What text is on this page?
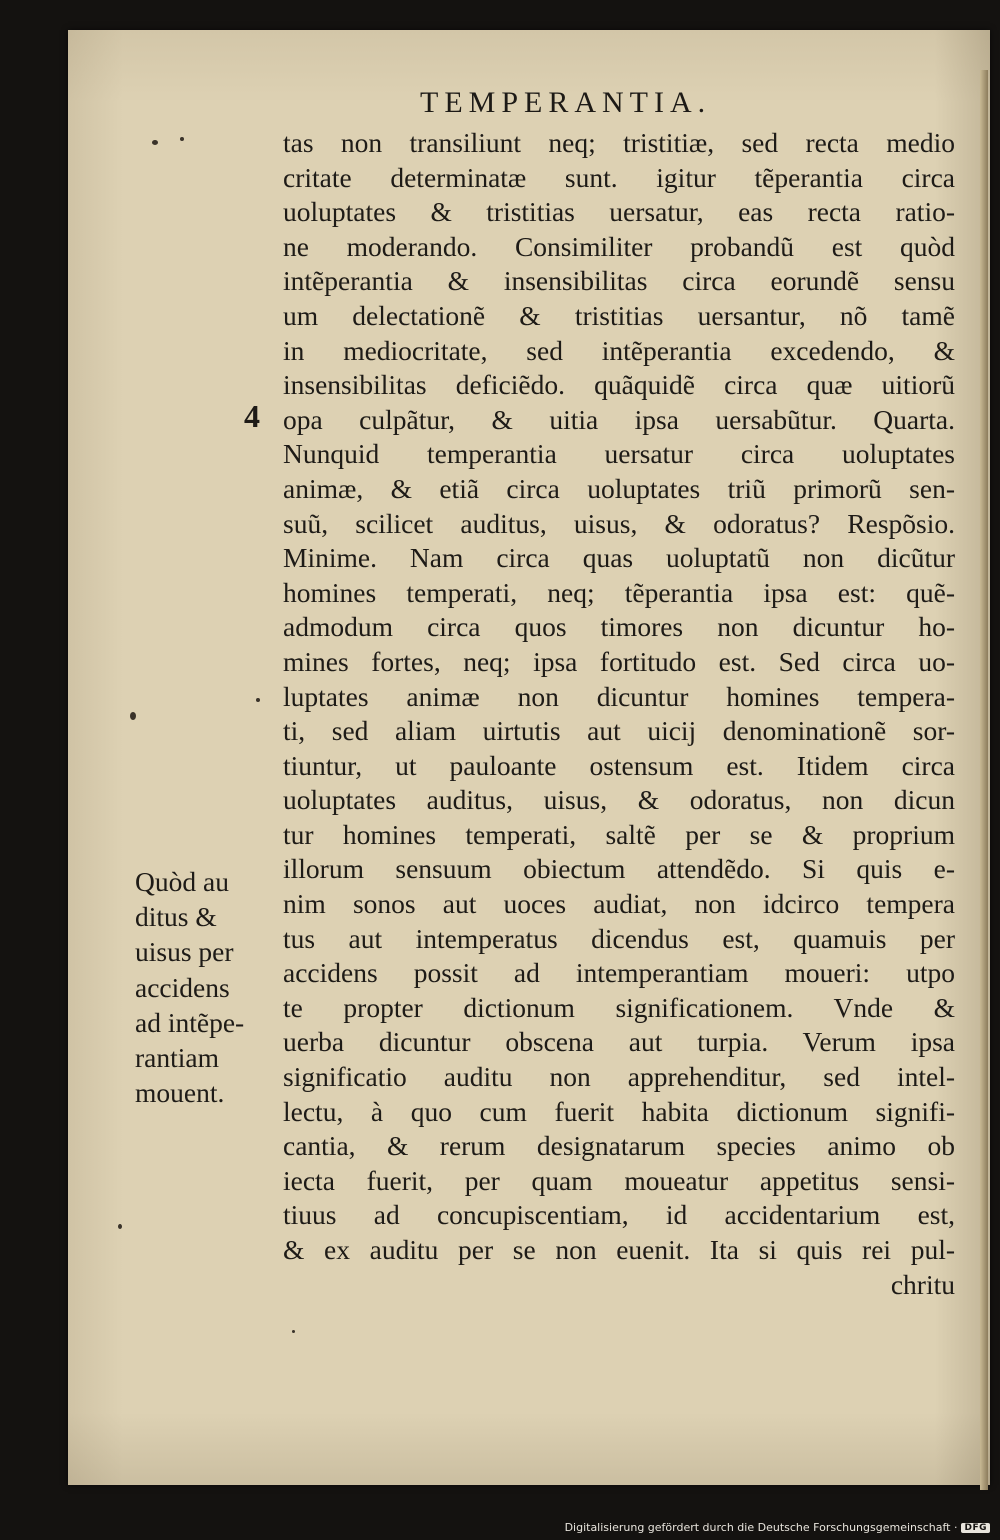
TEMPERANTIA.
4
tas non transiliunt neq; tristitiæ, sed recta medio
critate determinatæ sunt. igitur tẽperantia circa
uoluptates & tristitias uersatur, eas recta ratio-
ne moderando. Consimiliter probandũ est quòd
intẽperantia & insensibilitas circa eorundẽ sensu
um delectationẽ & tristitias uersantur, nõ tamẽ
in mediocritate, sed intẽperantia excedendo, &
insensibilitas deficiẽdo. quãquidẽ circa quæ uitiorũ
opa culpãtur, & uitia ipsa uersabũtur. Quarta.
Nunquid temperantia uersatur circa uoluptates
animæ, & etiã circa uoluptates triũ primorũ sen-
suũ, scilicet auditus, uisus, & odoratus? Respõsio.
Minime. Nam circa quas uoluptatũ non dicũtur
homines temperati, neq; tẽperantia ipsa est: quẽ-
admodum circa quos timores non dicuntur ho-
mines fortes, neq; ipsa fortitudo est. Sed circa uo-
luptates animæ non dicuntur homines tempera-
ti, sed aliam uirtutis aut uicij denominationẽ sor-
tiuntur, ut pauloante ostensum est. Itidem circa
uoluptates auditus, uisus, & odoratus, non dicun
tur homines temperati, saltẽ per se & proprium
illorum sensuum obiectum attendẽdo. Si quis e-
nim sonos aut uoces audiat, non idcirco tempera
tus aut intemperatus dicendus est, quamuis per
accidens possit ad intemperantiam moueri: utpo
te propter dictionum significationem. Vnde &
uerba dicuntur obscena aut turpia. Verum ipsa
significatio auditu non apprehenditur, sed intel-
lectu, à quo cum fuerit habita dictionum signifi-
cantia, & rerum designatarum species animo ob
iecta fuerit, per quam moueatur appetitus sensi-
tiuus ad concupiscentiam, id accidentarium est,
& ex auditu per se non euenit. Ita si quis rei pul-
chritu
Quòd au
ditus &
uisus per
accidens
ad intẽpe-
rantiam
mouent.
Digitalisierung gefördert durch die Deutsche Forschungsgemeinschaft · DFG
